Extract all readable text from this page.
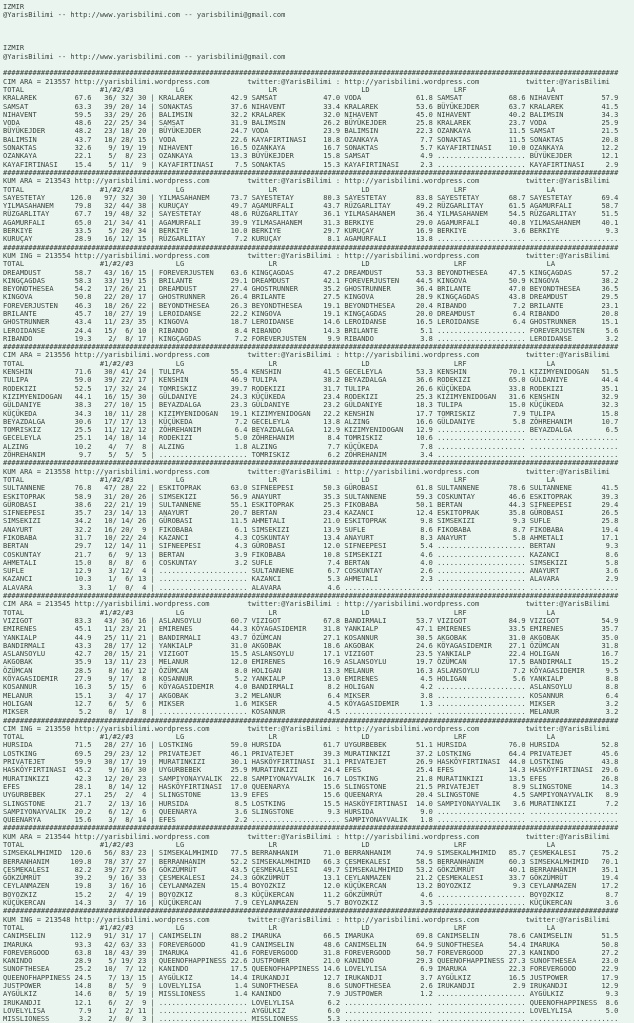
IZMIR
@YarisBilimi -- http://www.yarisbilimi.com -- yarisbilimi@gmail.com

IZMIR
@YarisBilimi -- http://www.yarisbilimi.com -- yarisbilimi@gmail.com

##################################################################################################################################################
CIM ARA = 213557 http://yarisbilimi.wordpress.com         twitter:@YarisBilimi : http://yarisbilimi.wordpress.com           twitter:@YarisBilimi
TOTAL                  #1/#2/#3          LG                    LR                    LD                    LRF                   LA
KRALAREK         67.6   36/ 32/ 30 | KRALAREK         42.9 SAMSAT           47.0 VODA             61.8 SAMSAT           68.6 NIHAVENT         57.9
SAMSAT           63.3   39/ 20/ 14 | SONAKTAS         37.6 NIHAVENT         33.4 KRALAREK         53.6 BÜYÜKEJDER       63.7 KRALAREK         41.5
NIHAVENT         59.5   33/ 29/ 26 | BALIMSIN         32.2 KRALAREK         32.0 NIHAVENT         45.0 NIHAVENT         40.2 BALIMSIN         34.3
VODA             48.6   22/ 25/ 34 | SAMSAT           31.9 BALIMSIN         26.2 BÜYÜKEJDER       25.8 KRALAREK         23.7 VODA             25.9
BÜYÜKEJDER       48.2   23/ 18/ 20 | BÜYÜKEJDER       24.7 VODA             23.9 BALIMSIN         22.3 OZANKAYA         11.5 SAMSAT           21.5
BALIMSIN         43.7   18/ 28/ 15 | VODA             22.6 KAYAFIRTINASI    18.8 OZANKAYA          7.7 SONAKTAS         11.5 SONAKTAS         20.8
SONAKTAS         32.6    9/ 19/ 19 | NIHAVENT         16.5 OZANKAYA         16.7 SONAKTAS          5.7 KAYAFIRTINASI    10.0 OZANKAYA         12.2
OZANKAYA         22.1    5/  8/ 23 | OZANKAYA         13.3 BÜYÜKEJDER       15.8 SAMSAT            4.9 ..................... BÜYÜKEJDER       12.1
KAYAFIRTINASI    15.4    5/ 11/  9 | KAYAFIRTINASI     7.5 SONAKTAS         15.3 KAYAFIRTINASI     2.3 ..................... KAYAFIRTINASI     2.9
##################################################################################################################################################
KUM ARA = 213543 http://yarisbilimi.wordpress.com         twitter:@YarisBilimi : http://yarisbilimi.wordpress.com           twitter:@YarisBilimi
TOTAL                  #1/#2/#3          LG                    LR                    LD                    LRF                   LA
SAYESTETAY      126.0   97/ 32/ 30 | YILMASAHANEM     73.7 SAYESTETAY       80.3 SAYESTETAY       83.8 SAYESTETAY       68.7 SAYESTETAY       69.4
YILMASAHANEM     79.8   32/ 44/ 38 | KURUÇAY          49.7 AGAMURFALI       43.7 RÜZGARLITAY      49.2 RÜZGARLITAY      61.5 AGAMURFALI       58.7
RÜZGARLITAY      67.7   19/ 48/ 32 | SAYESTETAY       48.6 RÜZGARLITAY      36.1 YILMASAHANEM     36.4 YILMASAHANEM     54.5 RÜZGARLITAY      51.5
AGAMURFALI       65.0   21/ 34/ 41 | AGAMURFALI       39.9 YILMASAHANEM     31.3 BERKIYE          29.0 AGAMURFALI       40.8 YILMASAHANEM     40.1
BERKIYE          33.5    5/ 20/ 34 | BERKIYE          10.0 BERKIYE          29.7 KURUÇAY          16.9 BERKIYE           3.6 BERKIYE           9.3
KURUÇAY          28.9   16/ 12/ 15 | RÜZGARLITAY       7.2 KURUÇAY           8.1 AGAMURFALI       13.8 ..................... .....................
##################################################################################################################################################
KUM ING = 213554 http://yarisbilimi.wordpress.com         twitter:@YarisBilimi : http://yarisbilimi.wordpress.com           twitter:@YarisBilimi
TOTAL                  #1/#2/#3          LG                    LR                    LD                    LRF                   LA
DREAMDUST        58.7   43/ 16/ 15 | FOREVERJUSTEN    63.6 KINGÇAGDAS       47.2 DREAMDUST        53.3 BEYONDTHESEA     47.5 KINGÇAGDAS       57.2
KINGÇAGDAS       58.3   33/ 19/ 15 | BRILANTE         29.1 DREAMDUST        42.1 FOREVERJUSTEN    44.5 KINGOVA          50.9 KINGOVA          38.2
BEYONDTHESEA     54.2   17/ 26/ 21 | DREAMDUST        27.4 GHOSTRUNNER      35.2 GHOSTRUNNER      36.4 BRILANTE         47.0 BEYONDTHESEA     36.5
KINGOVA          50.8   22/ 20/ 17 | GHOSTRUNNER      26.4 BRILANTE         27.5 KINGOVA          28.9 KINGÇAGDAS       43.8 DREAMDUST        29.5
FOREVERJUSTEN    46.3   18/ 26/ 22 | BEYONDTHESEA     26.3 BEYONDTHESEA     19.1 BEYONDTHESEA     20.4 RIBANDO           7.2 BRILANTE         23.1
BRILANTE         45.7   10/ 27/ 19 | LEROIDANSE       22.2 KINGOVA          19.1 KINGÇAGDAS       20.0 DREAMDUST         6.4 RIBANDO          20.8
GHOSTRUNNER      43.4   11/ 23/ 35 | KINGOVA          18.7 LEROIDANSE       14.6 LEROIDANSE       16.5 LEROIDANSE        6.4 GHOSTRUNNER      15.1
LEROIDANSE       24.4   15/  6/ 10 | RIBANDO           8.4 RIBANDO          14.3 BRILANTE          5.1 ..................... FOREVERJUSTEN     5.6
RIBANDO          19.3    2/  8/ 17 | KINGÇAGDAS        7.2 FOREVERJUSTEN     9.9 RIBANDO           3.8 ..................... LEROIDANSE        3.2
##################################################################################################################################################
CIM ARA = 213556 http://yarisbilimi.wordpress.com         twitter:@YarisBilimi : http://yarisbilimi.wordpress.com           twitter:@YarisBilimi
TOTAL                  #1/#2/#3          LG                    LR                    LD                    LRF                   LA
KENSHIN          71.6   30/ 41/ 24 | TULIPA           55.4 KENSHIN          41.5 GECELEYLA        53.3 KENSHIN          70.1 KIZIMYENIDOGAN   51.5
TULIPA           59.0   39/ 22/ 17 | KENSHIN          46.9 TULIPA           38.2 BEYAZDALGA       36.6 RODEKIZI         65.0 GÜLDANIYE        44.4
RODEKIZI         52.5   17/ 32/ 24 | TOMRISKIZ        39.7 RODEKIZI         31.7 TULIPA           26.6 KÜÇÜKEDA         33.8 RODEKIZI         35.1
KIZIMYENIDOGAN   44.1   16/ 15/ 30 | GÜLDANIYE        24.3 KÜÇÜKEDA         23.4 RODEKIZI         25.3 KIZIMYENIDOGAN   31.6 KENSHIN          32.9
GÜLDANIYE        38.3   27/ 10/ 15 | BEYAZDALGA       23.3 GÜLDANIYE        23.2 GÜLDANIYE        18.3 TULIPA           15.0 KÜÇÜKEDA         32.3
KÜÇÜKEDA         34.3   10/ 11/ 28 | KIZIMYENIDOGAN   19.1 KIZIMYENIDOGAN   22.2 KENSHIN          17.7 TOMRISKIZ         7.9 TULIPA           15.8
BEYAZDALGA       30.6   17/ 17/ 13 | KÜÇÜKEDA          7.2 GECELEYLA        13.8 ALZING           16.6 GÜLDANIYE         5.8 ZÖHREHANIM       10.7
TOMRISKIZ        25.5   11/ 12/ 12 | ZÖHREHANIM        6.4 BEYAZDALGA       12.9 KIZIMYENIDOGAN   12.9 ..................... BEYAZDALGA        6.5
GECELEYLA        25.1   14/ 18/ 14 | RODEKIZI          5.0 ZÖHREHANIM        8.4 TOMRISKIZ        10.6 ..................... .....................
ALZING           10.2    4/  7/  8 | ALZING            1.8 ALZING            7.7 KÜÇÜKEDA          7.8 ..................... .....................
ZÖHREHANIM        9.7    5/  5/  5 | ..................... TOMRISKIZ         6.2 ZÖHREHANIM        3.4 ..................... .....................
##################################################################################################################################################
KUM ARA = 213558 http://yarisbilimi.wordpress.com         twitter:@YarisBilimi : http://yarisbilimi.wordpress.com           twitter:@YarisBilimi
TOTAL                  #1/#2/#3          LG                    LR                    LD                    LRF                   LA
SULTANNENE       76.8   47/ 28/ 22 | ESKITOPRAK       63.0 SIFNEEPESI       50.3 GÜROBASI         61.8 SULTANNENE       78.6 SULTANNENE       41.5
ESKITOPRAK       58.9   31/ 20/ 26 | SIMSEKIZI        56.9 ANAYURT          35.3 SULTANNENE       59.3 COSKUNTAY        46.6 ESKITOPRAK       39.3
GÜROBASI         38.6   22/ 21/ 19 | SULTANNENE       55.1 ESKITOPRAK       25.3 FIKOBABA         50.1 BERTAN           44.3 SIFNEEPESI       29.4
SIFNEEPESI       35.7   23/ 14/ 13 | ANAYURT          20.7 BERTAN           23.4 KAZANCI          12.4 ESKITOPRAK       35.8 GÜROBASI         26.5
SIMSEKIZI        34.2   10/ 14/ 26 | GÜROBASI         11.5 AHMETALI         21.0 ESKITOPRAK        9.8 SIMSEKIZI         9.3 SUFLE            25.8
ANAYURT          32.2   16/ 20/  9 | FIKOBABA          6.1 SIMSEKIZI        13.9 SUFLE             8.6 FIKOBABA          8.7 FIKOBABA         19.4
FIKOBABA         31.7   10/ 22/ 24 | KAZANCI           4.3 COSKUNTAY        13.4 ANAYURT           8.3 ANAYURT           5.8 AHMETALI         17.1
BERTAN           29.7   12/ 14/ 11 | SIFNEEPESI        4.3 GÜROBASI         12.0 SIFNEEPESI        5.4 ..................... BERTAN            9.3
COSKUNTAY        21.7    6/  9/ 13 | BERTAN            3.9 FIKOBABA         10.8 SIMSEKIZI         4.6 ..................... KAZANCI           8.6
AHMETALI         15.0    8/  8/  6 | COSKUNTAY         3.2 SUFLE             7.4 BERTAN            4.0 ..................... SIMSEKIZI         5.8
SUFLE            12.9    3/ 12/  4 | ..................... SULTANNENE        6.7 COSKUNTAY         2.6 ..................... ANAYURT           3.6
KAZANCI          10.3    1/  6/ 13 | ..................... KAZANCI           5.3 AHMETALI          2.3 ..................... ALAVARA           2.9
ALAVARA           3.3    1/  0/  4 | ..................... ALAVARA           4.6 ..................... ..................... .....................
##################################################################################################################################################
CIM ARA = 213545 http://yarisbilimi.wordpress.com         twitter:@YarisBilimi : http://yarisbilimi.wordpress.com           twitter:@YarisBilimi
TOTAL                  #1/#2/#3          LG                    LR                    LD                    LRF                   LA
VIZIGOT          83.3   43/ 36/ 16 | ASLANSOYLU       60.7 VIZIGOT          67.8 BANDIRMALI       53.7 VIZIGOT          84.9 VIZIGOT          54.9
EMIRENES         45.1   11/ 23/ 21 | EMIRENES         44.3 KÖYAGASIDEMIR    31.8 YANKIALP         47.1 EMIRENES         33.5 EMIRENES         35.7
YANKIALP         44.9   25/ 11/ 21 | BANDIRMALI       43.7 ÖZÜMCAN          27.1 KOSANNUR         30.5 AKGOBAK          31.0 AKGOBAK          35.0
BANDIRMALI       43.3   28/ 17/ 12 | YANKIALP         31.0 AKGOBAK          18.6 AKGOBAK          24.6 KÖYAGASIDEMIR    27.1 ÖZÜMCAN          31.8
ASLANSOYLU       42.7   20/ 15/ 21 | VIZIGOT          15.5 ASLANSOYLU       17.1 VIZIGOT          23.5 YANKIALP         22.4 HOLIGAN          16.7
AKGOBAK          35.9   13/ 11/ 23 | MELANUR          12.0 EMIRENES         16.9 ASLANSOYLU       19.7 ÖZÜMCAN          17.5 BANDIRMALI       15.2
ÖZÜMCAN          28.5    8/ 16/ 12 | ÖZÜMCAN           8.0 HOLIGAN          13.3 MELANUR          16.3 ASLANSOYLU        7.2 KÖYAGASIDEMIR     9.5
KÖYAGASIDEMIR    27.9    9/ 17/  8 | KOSANNUR          5.2 YANKIALP         13.0 EMIRENES          4.5 HOLIGAN           5.6 YANKIALP          8.8
KOSANNUR         16.3    5/ 15/  6 | KÖYAGASIDEMIR     4.0 BANDIRMALI        8.2 HOLIGAN           4.2 ..................... ASLANSOYLU        8.8
MELANUR          15.1    3/  4/ 17 | AKGOBAK           3.2 MELANUR           6.4 MIKSER            3.8 ..................... KOSANNUR          6.4
HOLIGAN          12.7    6/  5/  6 | MIKSER            1.6 MIKSER            4.5 KÖYAGASIDEMIR     1.3 ..................... MIKSER            3.2
MIKSER            5.2    0/  1/  8 | ..................... KOSANNUR          4.5 ..................... ..................... MELANUR           3.2
##################################################################################################################################################
CIM ING = 213550 http://yarisbilimi.wordpress.com         twitter:@YarisBilimi : http://yarisbilimi.wordpress.com           twitter:@YarisBilimi
TOTAL                  #1/#2/#3          LG                    LR                    LD                    LRF                   LA
HURSIDA          71.5   28/ 27/ 16 | LOSTKING         59.0 HURSIDA          61.7 UYGURBEBEK       51.1 HURSIDA          76.0 HURSIDA          52.8
LOSTKING         69.5   29/ 23/ 12 | PRIVATEJET       46.1 PRIVATEJET       39.3 MURATINKIZI      37.2 LOSTKING         64.4 PRIVATEJET       45.6
PRIVATEJET       59.9   30/ 17/ 19 | MURATINKIZI      30.1 HASKÖYFIRTINASI  31.1 PRIVATEJET       26.9 HASKÖYFIRTINASI  44.0 LOSTKING         43.8
HASKÖYFIRTINASI  45.2    9/ 16/ 30 | UYGURBEBEK       25.9 MURATINKIZI      24.4 EFES             25.4 EFES             14.3 HASKÖYFIRTINASI  29.6
MURATINKIZI      42.3   12/ 20/ 23 | SAMPIYONAYVALIK  22.8 SAMPIYONAYVALIK  16.7 LOSTKING         21.8 MURATINKIZI      13.5 EFES             26.8
EFES             28.1    8/ 14/ 12 | HASKÖYFIRTINASI  17.0 QUEENARYA        15.6 SLINGSTONE       21.5 PRIVATEJET        8.9 SLINGSTONE       14.3
UYGURBEBEK       27.1   25/  2/  4 | SLINGSTONE       13.9 EFES             15.6 QUEENARYA        20.4 SLINGSTONE        4.5 SAMPIYONAYVALIK   8.9
SLINGSTONE       21.7    2/ 13/ 16 | HURSIDA           8.5 LOSTKING         15.5 HASKÖYFIRTINASI  14.0 SAMPIYONAYVALIK   3.6 MURATINKIZI       7.2
SAMPIYONAYVALIK  20.2    6/ 12/  6 | QUEENARYA         3.6 SLINGSTONE        9.3 HURSIDA           9.0 ..................... .....................
QUEENARYA        15.6    3/  8/ 14 | EFES              2.2 ..................... SAMPIYONAYVALIK   1.8 ..................... .....................
##################################################################################################################################################
KUM ARA = 213544 http://yarisbilimi.wordpress.com         twitter:@YarisBilimi : http://yarisbilimi.wordpress.com           twitter:@YarisBilimi
TOTAL                  #1/#2/#3          LG                    LR                    LD                    LRF                   LA
SIMSEKALMHIMID  120.6   56/ 83/ 23 | SIMSEKALMHIMID   77.5 BERRANHANIM      71.0 BERRANHANIM      74.9 SIMSEKALMHIMID   85.7 ÇESMEKALESI      75.2
BERRANHANIM     109.8   78/ 37/ 27 | BERRANHANIM      52.2 SIMSEKALMHIMID   66.3 ÇESMEKALESI      58.5 BERRANHANIM      60.3 SIMSEKALMHIMID   70.1
ÇESMEKALESI      82.2   39/ 27/ 56 | GÖKZÜMRÜT        43.5 ÇESMEKALESI      49.7 SIMSEKALMHIMID   53.2 GÖKZÜMRÜT        40.1 BERRANHANIM      35.1
GÖKZÜMRÜT        39.2    9/ 16/ 33 | ÇESMEKALESI      24.3 GÖKZÜMRÜT        13.1 CEYLANMAZEN      21.2 ÇESMEKALESI      33.7 GÖKZÜMRÜT        19.4
CEYLANMAZEN      19.8    3/ 16/ 16 | CEYLANMAZEN      15.4 BOYOZKIZ         12.0 KÜÇÜKERCAN       13.2 BOYOZKIZ          9.3 CEYLANMAZEN      17.2
BOYOZKIZ         15.2    2/  4/ 19 | BOYOZKIZ          8.3 KÜÇÜKERCAN       11.2 GÖKZÜMRÜT         4.6 ..................... BOYOZKIZ          8.7
KÜÇÜKERCAN       14.3    3/  7/ 16 | KÜÇÜKERCAN        7.9 CEYLANMAZEN       5.7 BOYOZKIZ          3.5 ..................... KÜÇÜKERCAN        3.6
##################################################################################################################################################
KUM ING = 213548 http://yarisbilimi.wordpress.com         twitter:@YarisBilimi : http://yarisbilimi.wordpress.com           twitter:@YarisBilimi
TOTAL                  #1/#2/#3          LG                    LR                    LD                    LRF                   LA
CANIMSELIN      112.9   91/ 31/ 17 | CANIMSELIN       88.2 IMARUKA          66.5 IMARUKA          69.8 CANIMSELIN       78.6 CANIMSELIN       51.5
IMARUKA          93.3   42/ 63/ 33 | FOREVERGOOD      41.9 CANIMSELIN       48.6 CANIMSELIN       64.9 SUNOFTHESEA      54.4 IMARUKA          50.8
FOREVERGOOD      63.8   18/ 43/ 39 | IMARUKA          41.6 FOREVERGOOD      31.8 FOREVERGOOD      50.7 FOREVERGOOD      27.3 KANINDO          27.2
KANINDO          28.9    5/ 19/ 23 | QUEENOFHAPPINESS 22.6 JUSTPOWER        21.0 KANINDO          29.3 QUEENOFHAPPINESS 27.3 SUNOFTHESEA      23.0
SUNOFTHESEA      25.2   10/  7/ 12 | KANINDO          17.5 QUEENOFHAPPINESS 14.6 LOVELYLISA        6.9 IMARUKA          22.3 FOREVERGOOD      22.9
QUEENOFHAPPINESS 24.5    7/ 13/ 15 | AYGÜLKIZ         14.4 IRUKANDJI        12.7 IRUKANDJI         3.7 AYGÜLKIZ         16.5 JUSTPOWER        17.9
JUSTPOWER        14.8    8/  5/  9 | LOVELYLISA        1.4 SUNOFTHESEA       8.6 SUNOFTHESEA       2.6 IRUKANDJI         2.9 IRUKANDJI        12.9
AYGÜLKIZ         14.6    0/  5/ 19 | MISSLIONESS       1.4 KANINDO           7.9 JUSTPOWER         1.2 ..................... AYGÜLKIZ          9.3
IRUKANDJI        12.1    6/  2/  9 | ..................... LOVELYLISA        6.2 ..................... ..................... QUEENOFHAPPINESS  8.6
LOVELYLISA        7.9    1/  2/ 11 | ..................... AYGÜLKIZ          6.0 ..................... ..................... LOVELYLISA        5.0
MISSLIONESS       3.2    2/  0/  3 | ..................... MISSLIONESS       5.3 ..................... ..................... .....................
